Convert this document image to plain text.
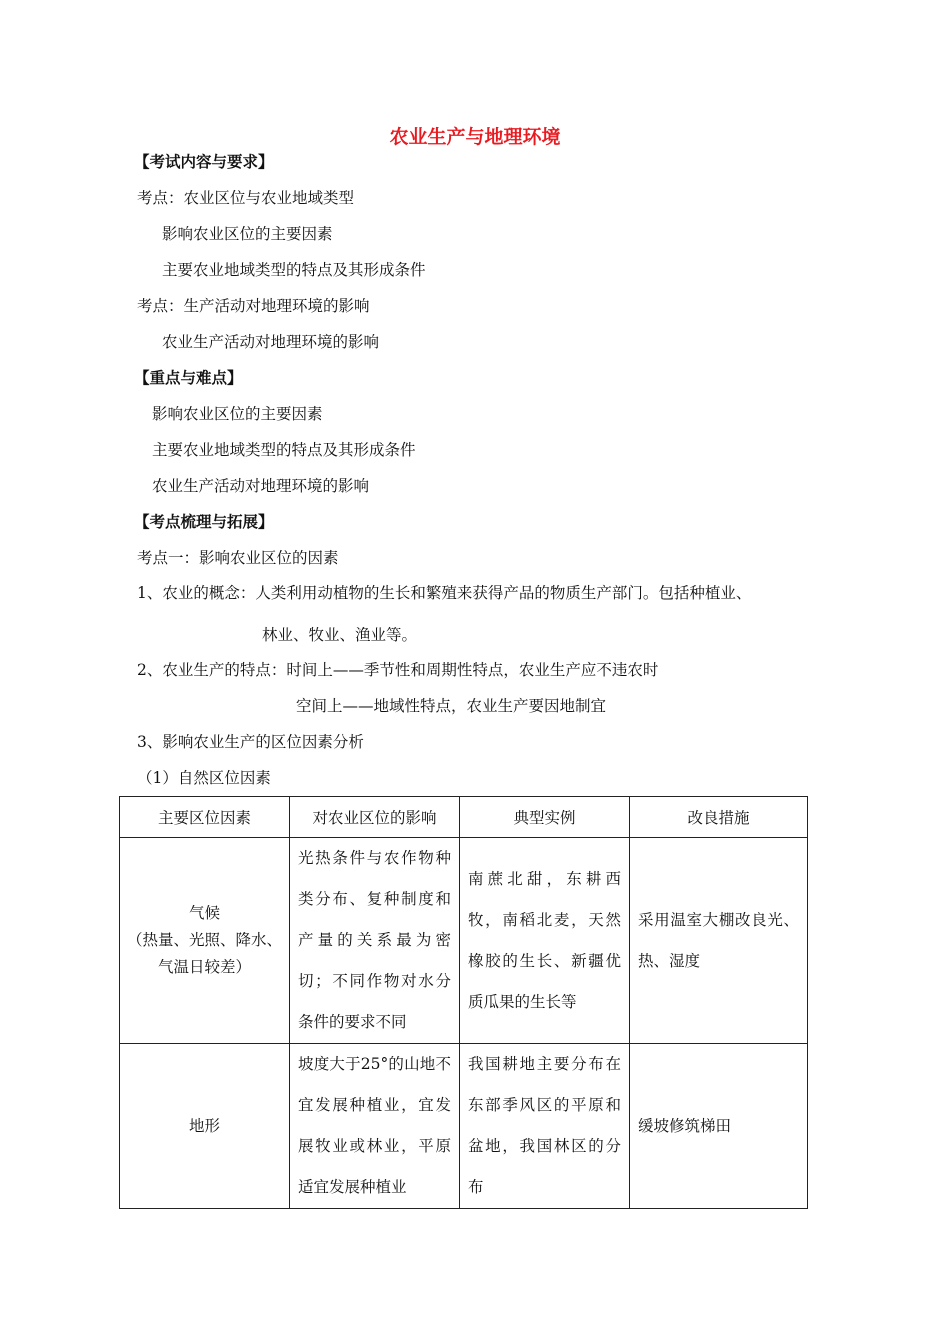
农业生产与地理环境
【考试内容与要求】
考点：农业区位与农业地域类型
影响农业区位的主要因素
主要农业地域类型的特点及其形成条件
考点：生产活动对地理环境的影响
农业生产活动对地理环境的影响
【重点与难点】
影响农业区位的主要因素
主要农业地域类型的特点及其形成条件
农业生产活动对地理环境的影响
【考点梳理与拓展】
考点一：影响农业区位的因素
1、农业的概念：人类利用动植物的生长和繁殖来获得产品的物质生产部门。包括种植业、
林业、牧业、渔业等。
2、农业生产的特点：时间上——季节性和周期性特点，农业生产应不违农时
空间上——地域性特点，农业生产要因地制宜
3、影响农业生产的区位因素分析
（1）自然区位因素
主要区位因素	对农业区位的影响	典型实例	改良措施

气候
（热量、光照、降水、气温日较差）	光热条件与农作物种类分布、复种制度和产量的关系最为密切；不同作物对水分条件的要求不同	南蔗北甜，东耕西牧，南稻北麦，天然橡胶的生长、新疆优质瓜果的生长等	采用温室大棚改良光、热、湿度
地形	坡度大于25°的山地不宜发展种植业，宜发展牧业或林业，平原适宜发展种植业	我国耕地主要分布在东部季风区的平原和盆地，我国林区的分布	缓坡修筑梯田
